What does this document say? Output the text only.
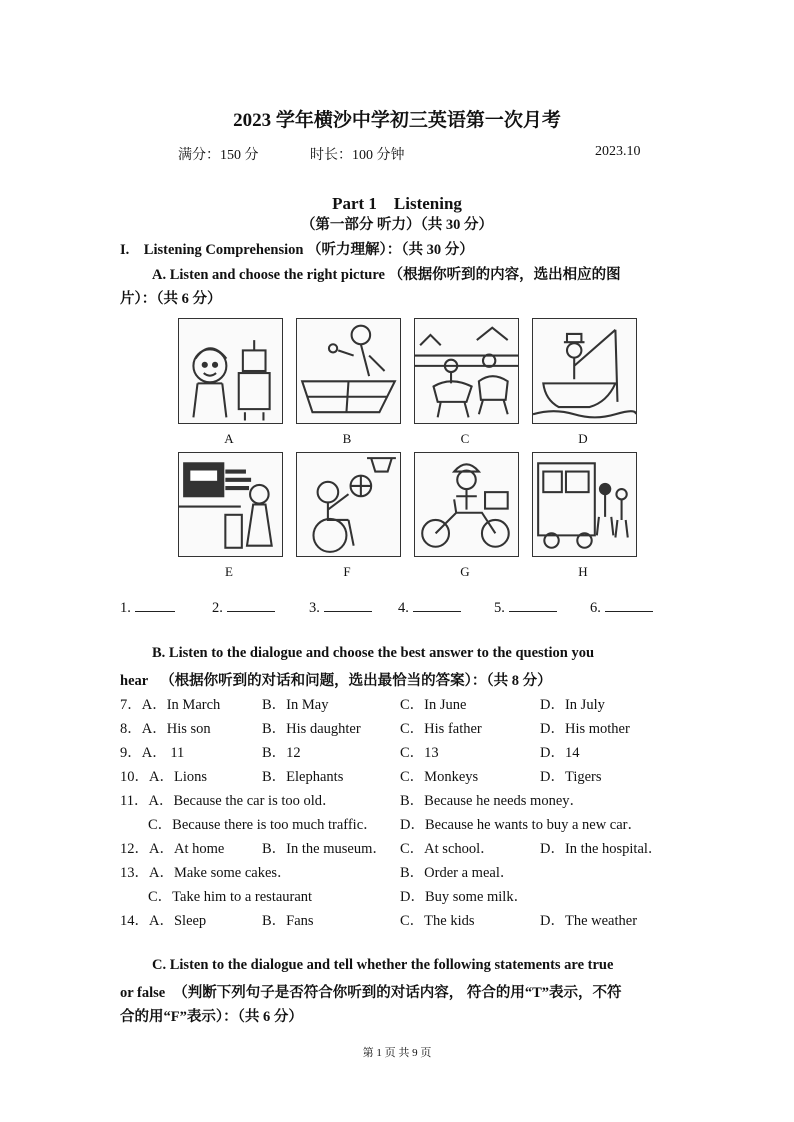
2023 学年横沙中学初三英语第一次月考
满分：150 分	时长：100 分钟	2023.10
Part 1　Listening
（第一部分 听力）（共 30 分）
I.　Listening Comprehension （听力理解）：（共 30 分）
A. Listen and choose the right picture （根据你听到的内容，选出相应的图
片）：（共 6 分）
A	B	C	D
E	F	G	H
1.	2.	3.	4.	5.	6.
B. Listen to the dialogue and choose the best answer to the question you
hear （根据你听到的对话和问题，选出最恰当的答案）：（共 8 分）
7．A．In March	B．In May	C．In June	D．In July
8．A．His son	B．His daughter	C．His father	D．His mother
9．A． 11	B．12	C．13	D．14
10．A．Lions	B．Elephants	C．Monkeys	D．Tigers
11．A．Because the car is too old．	B．Because he needs money．
C．Because there is too much traffic． D．Because he wants to buy a new car．
12．A．At home	B．In the museum． C．At school．	D．In the hospital．
13．A．Make some cakes．	B．Order a meal．
C．Take him to a restaurant	D．Buy some milk．
14．A．Sleep	B．Fans	C．The kids	D．The weather
C. Listen to the dialogue and tell whether the following statements are true
or false （判断下列句子是否符合你听到的对话内容， 符合的用“T”表示，不符
合的用“F”表示）：（共 6 分）
第 1 页 共 9 页
